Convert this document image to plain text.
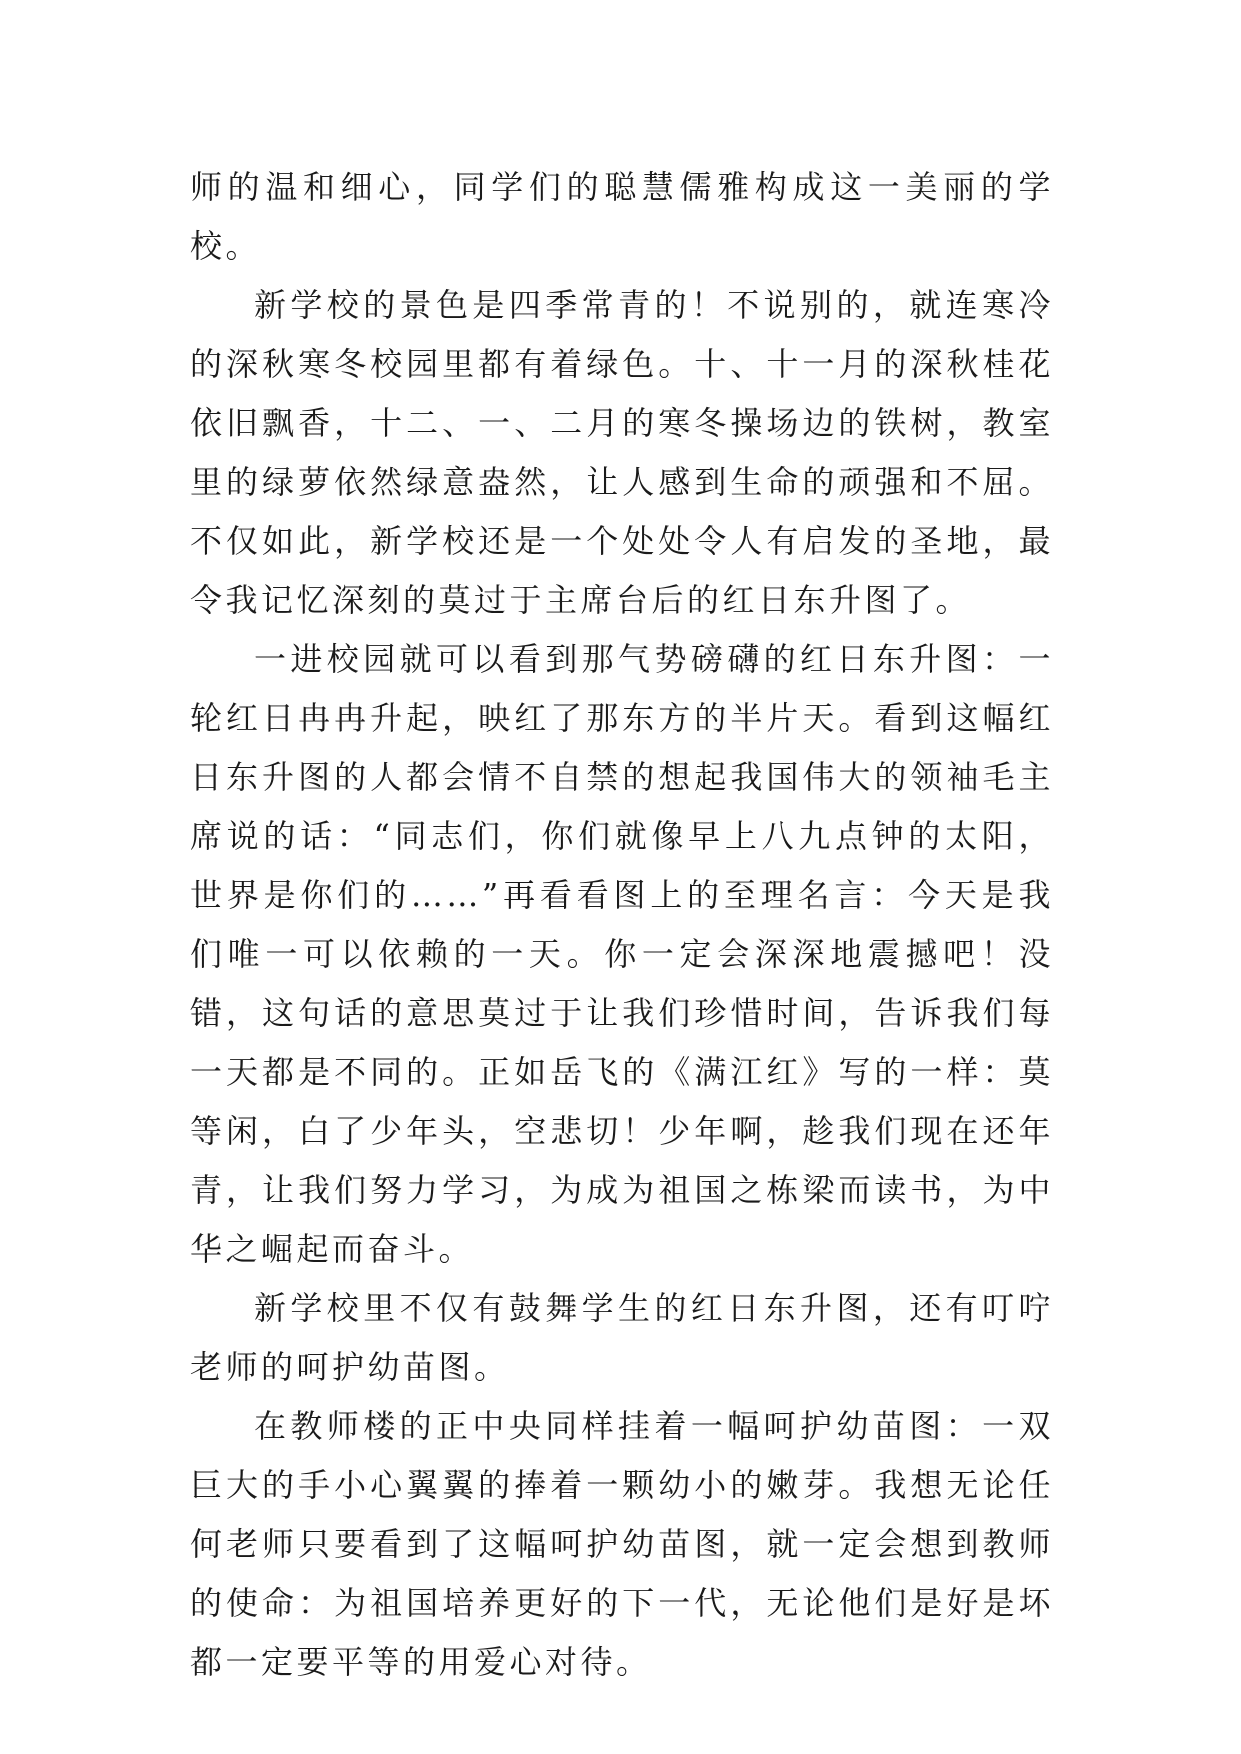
师的温和细心，同学们的聪慧儒雅构成这一美丽的学校。

新学校的景色是四季常青的！不说别的，就连寒冷的深秋寒冬校园里都有着绿色。十、十一月的深秋桂花依旧飘香，十二、一、二月的寒冬操场边的铁树，教室里的绿萝依然绿意盎然，让人感到生命的顽强和不屈。不仅如此，新学校还是一个处处令人有启发的圣地，最令我记忆深刻的莫过于主席台后的红日东升图了。

一进校园就可以看到那气势磅礴的红日东升图：一轮红日冉冉升起，映红了那东方的半片天。看到这幅红日东升图的人都会情不自禁的想起我国伟大的领袖毛主席说的话：“同志们，你们就像早上八九点钟的太阳，世界是你们的……”再看看图上的至理名言：今天是我们唯一可以依赖的一天。你一定会深深地震撼吧！没错，这句话的意思莫过于让我们珍惜时间，告诉我们每一天都是不同的。正如岳飞的《满江红》写的一样：莫等闲，白了少年头，空悲切！少年啊，趁我们现在还年青，让我们努力学习，为成为祖国之栋梁而读书，为中华之崛起而奋斗。

新学校里不仅有鼓舞学生的红日东升图，还有叮咛老师的呵护幼苗图。

在教师楼的正中央同样挂着一幅呵护幼苗图：一双巨大的手小心翼翼的捧着一颗幼小的嫩芽。我想无论任何老师只要看到了这幅呵护幼苗图，就一定会想到教师的使命：为祖国培养更好的下一代，无论他们是好是坏都一定要平等的用爱心对待。
